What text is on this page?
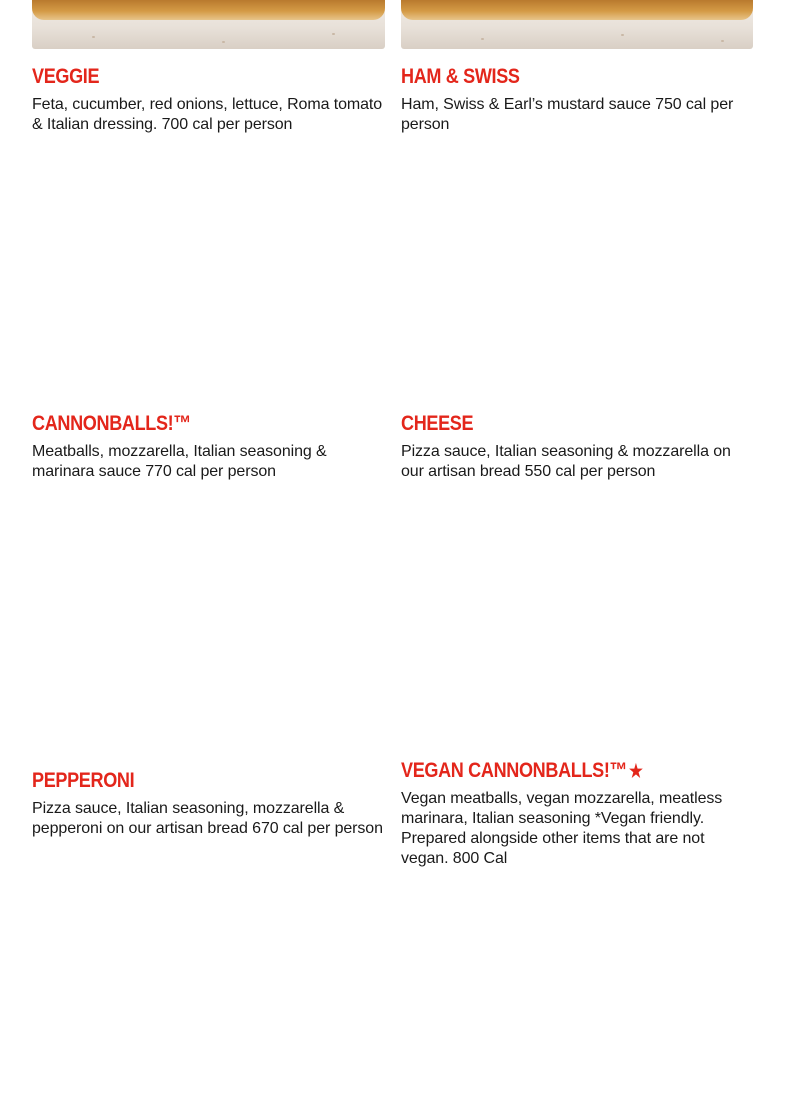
VEGGIE

Feta, cucumber, red onions, lettuce, Roma tomato & Italian dressing. 700 cal per person

HAM & SWISS

Ham, Swiss & Earl’s mustard sauce 750 cal per person

CANNONBALLS!™

Meatballs, mozzarella, Italian seasoning & marinara sauce 770 cal per person

CHEESE

Pizza sauce, Italian seasoning & mozzarella on our artisan bread 550 cal per person

PEPPERONI

Pizza sauce, Italian seasoning, mozzarella & pepperoni on our artisan bread 670 cal per person

VEGAN CANNONBALLS!™★

Vegan meatballs, vegan mozzarella, meatless marinara, Italian seasoning *Vegan friendly. Prepared alongside other items that are not vegan. 800 Cal
